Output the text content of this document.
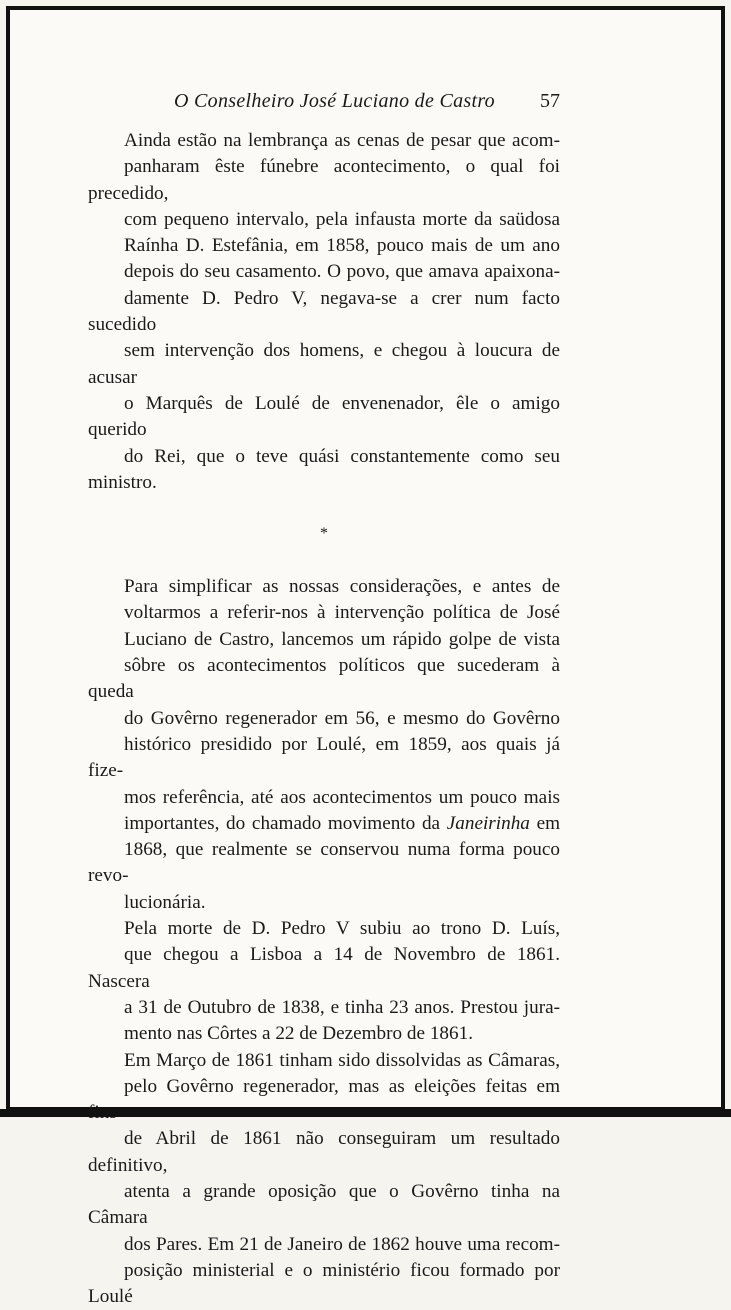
O Conselheiro José Luciano de Castro 57

Ainda estão na lembrança as cenas de pesar que acom-
panharam êste fúnebre acontecimento, o qual foi precedido,
com pequeno intervalo, pela infausta morte da saüdosa
Raínha D. Estefânia, em 1858, pouco mais de um ano
depois do seu casamento. O povo, que amava apaixona-
damente D. Pedro V, negava-se a crer num facto sucedido
sem intervenção dos homens, e chegou à loucura de acusar
o Marquês de Loulé de envenenador, êle o amigo querido
do Rei, que o teve quási constantemente como seu ministro.

*

Para simplificar as nossas considerações, e antes de
voltarmos a referir-nos à intervenção política de José
Luciano de Castro, lancemos um rápido golpe de vista
sôbre os acontecimentos políticos que sucederam à queda
do Govêrno regenerador em 56, e mesmo do Govêrno
histórico presidido por Loulé, em 1859, aos quais já fize-
mos referência, até aos acontecimentos um pouco mais
importantes, do chamado movimento da Janeirinha em
1868, que realmente se conservou numa forma pouco revo-
lucionária.

Pela morte de D. Pedro V subiu ao trono D. Luís,
que chegou a Lisboa a 14 de Novembro de 1861. Nascera
a 31 de Outubro de 1838, e tinha 23 anos. Prestou jura-
mento nas Côrtes a 22 de Dezembro de 1861.

Em Março de 1861 tinham sido dissolvidas as Câmaras,
pelo Govêrno regenerador, mas as eleições feitas em
de Abril de 1861 não conseguiram um resultado definitivo,
atenta a grande oposição que o Govêrno tinha na Câmara
dos Pares. Em 21 de Janeiro de 1862 houve uma recom-
posição ministerial e o ministério ficou formado por Loulé
